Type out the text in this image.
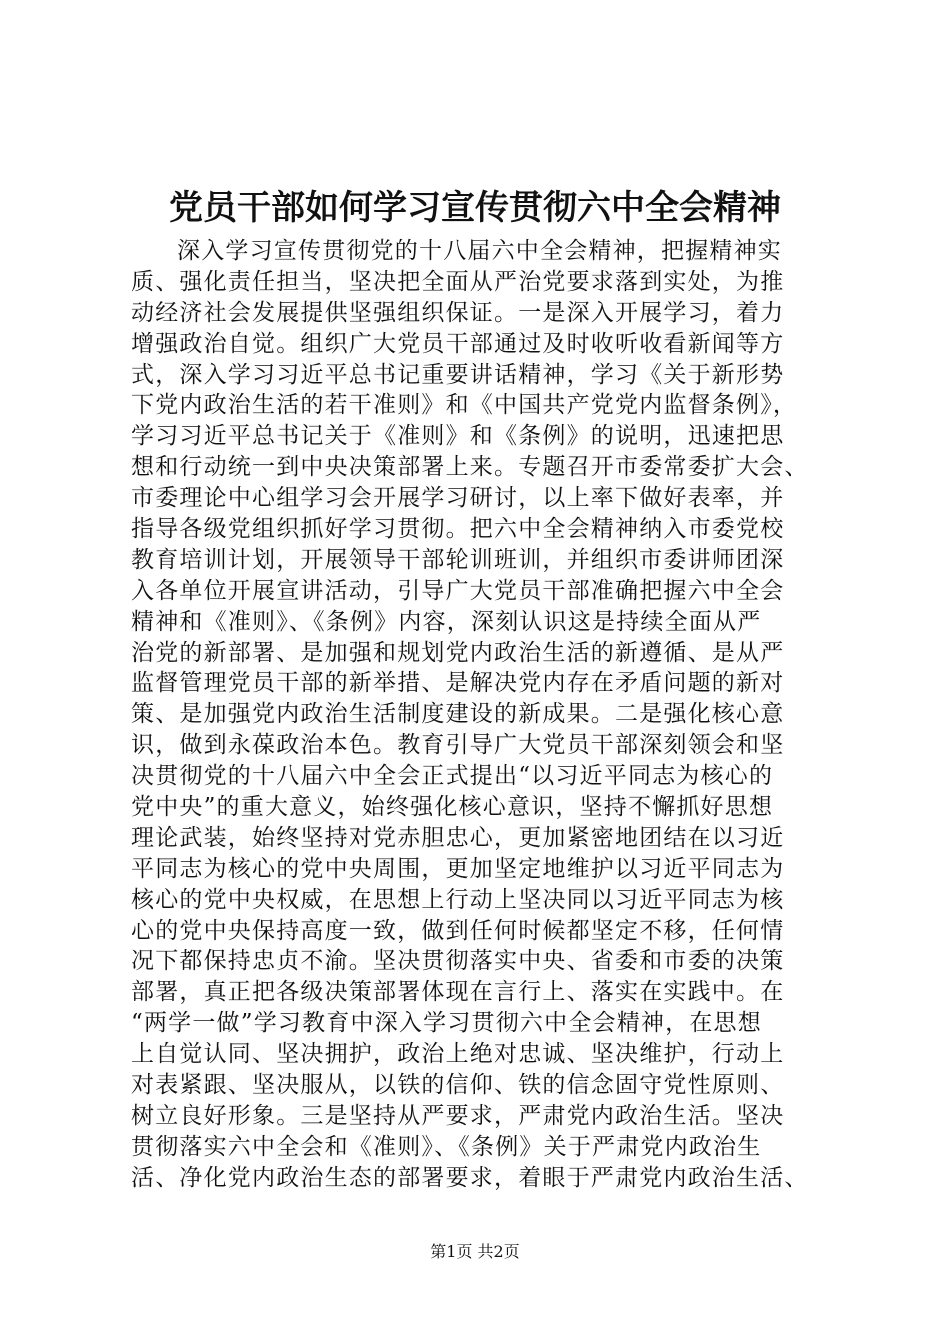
党员干部如何学习宣传贯彻六中全会精神
深入学习宣传贯彻党的十八届六中全会精神，把握精神实
质、强化责任担当，坚决把全面从严治党要求落到实处，为推
动经济社会发展提供坚强组织保证。一是深入开展学习，着力
增强政治自觉。组织广大党员干部通过及时收听收看新闻等方
式，深入学习习近平总书记重要讲话精神，学习《关于新形势
下党内政治生活的若干准则》和《中国共产党党内监督条例》，
学习习近平总书记关于《准则》和《条例》的说明，迅速把思
想和行动统一到中央决策部署上来。专题召开市委常委扩大会、
市委理论中心组学习会开展学习研讨，以上率下做好表率，并
指导各级党组织抓好学习贯彻。把六中全会精神纳入市委党校
教育培训计划，开展领导干部轮训班训，并组织市委讲师团深
入各单位开展宣讲活动，引导广大党员干部准确把握六中全会
精神和《准则》、《条例》内容，深刻认识这是持续全面从严
治党的新部署、是加强和规划党内政治生活的新遵循、是从严
监督管理党员干部的新举措、是解决党内存在矛盾问题的新对
策、是加强党内政治生活制度建设的新成果。二是强化核心意
识，做到永葆政治本色。教育引导广大党员干部深刻领会和坚
决贯彻党的十八届六中全会正式提出“以习近平同志为核心的
党中央”的重大意义，始终强化核心意识，坚持不懈抓好思想
理论武装，始终坚持对党赤胆忠心，更加紧密地团结在以习近
平同志为核心的党中央周围，更加坚定地维护以习近平同志为
核心的党中央权威，在思想上行动上坚决同以习近平同志为核
心的党中央保持高度一致，做到任何时候都坚定不移，任何情
况下都保持忠贞不渝。坚决贯彻落实中央、省委和市委的决策
部署，真正把各级决策部署体现在言行上、落实在实践中。在
“两学一做”学习教育中深入学习贯彻六中全会精神，在思想
上自觉认同、坚决拥护，政治上绝对忠诚、坚决维护，行动上
对表紧跟、坚决服从，以铁的信仰、铁的信念固守党性原则、
树立良好形象。三是坚持从严要求，严肃党内政治生活。坚决
贯彻落实六中全会和《准则》、《条例》关于严肃党内政治生
活、净化党内政治生态的部署要求，着眼于严肃党内政治生活、
第1页 共2页
